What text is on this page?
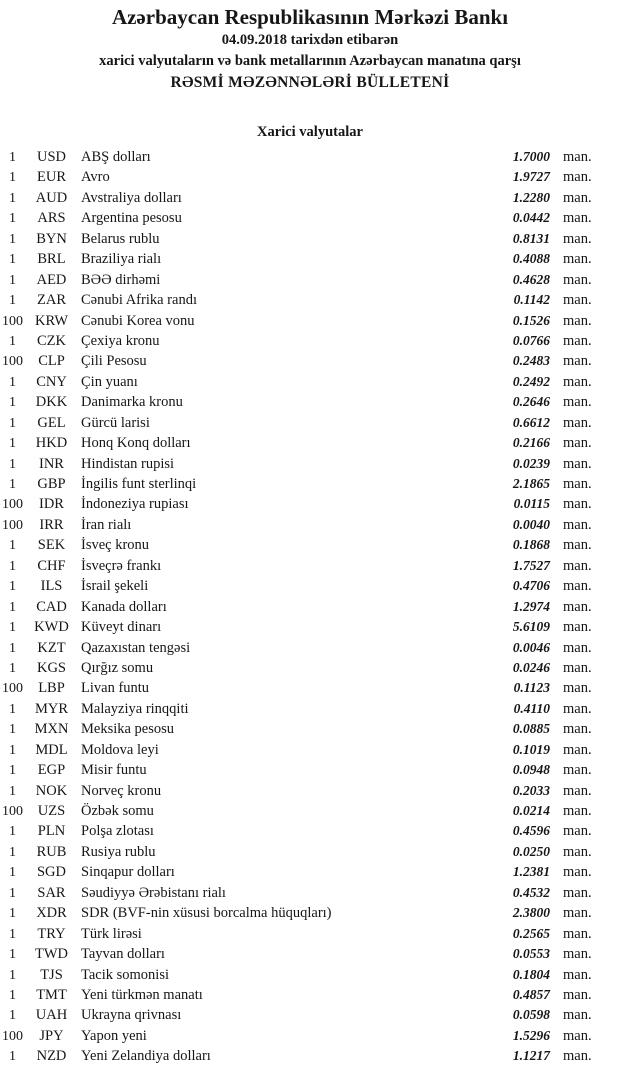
Azərbaycan Respublikasının Mərkəzi Bankı

04.09.2018 tarixdən etibarən

xarici valyutaların və bank metallarının Azərbaycan manatına qarşı

RƏSMİ MƏZƏNNƏLƏRİ BÜLLETENİ

Xarici valyutalar

1	USD	ABŞ dolları	1.7000 man.
1	EUR	Avro	1.9727 man.
1	AUD Avstraliya dolları	1.2280 man.
1	ARS	Argentina pesosu	0.0442 man.
1	BYN Belarus rublu	0.8131 man.
1	BRL	Braziliya rialı	0.4088 man.
1	AED	BƏƏ dirhəmi	0.4628 man.
1	ZAR	Cənubi Afrika randı	0.1142 man.
100 KRW Cənubi Korea vonu	0.1526 man.
1	CZK	Çexiya kronu	0.0766 man.
100	CLP	Çili Pesosu	0.2483 man.
1	CNY Çin yuanı	0.2492 man.
1	DKK Danimarka kronu	0.2646 man.
1	GEL	Gürcü larisi	0.6612 man.
1	HKD Honq Konq dolları	0.2166 man.
1	INR	Hindistan rupisi	0.0239 man.
1	GBP	İngilis funt sterlinqi	2.1865 man.
100	IDR	İndoneziya rupiası	0.0115 man.
100	IRR	İran rialı	0.0040 man.
1	SEK	İsveç kronu	0.1868 man.
1	CHF	İsveçrə frankı	1.7527 man.
1	ILS	İsrail şekeli	0.4706 man.
1	CAD Kanada dolları	1.2974 man.
1	KWD Küveyt dinarı	5.6109 man.
1	KZT	Qazaxıstan tengəsi	0.0046 man.
1	KGS	Qırğız somu	0.0246 man.
100	LBP	Livan funtu	0.1123 man.
1	MYR Malayziya rinqqiti	0.4110 man.
1	MXN Meksika pesosu	0.0885 man.
1	MDL Moldova leyi	0.1019 man.
1	EGP	Misir funtu	0.0948 man.
1	NOK Norveç kronu	0.2033 man.
100	UZS	Özbək somu	0.0214 man.
1	PLN	Polşa zlotası	0.4596 man.
1	RUB	Rusiya rublu	0.0250 man.
1	SGD	Sinqapur dolları	1.2381 man.
1	SAR	Səudiyyə Ərəbistanı rialı	0.4532 man.
1	XDR SDR (BVF-nin xüsusi borcalma hüquqları)	2.3800 man.
1	TRY	Türk lirəsi	0.2565 man.
1	TWD Tayvan dolları	0.0553 man.
1	TJS	Tacik somonisi	0.1804 man.
1	TMT Yeni türkmən manatı	0.4857 man.
1	UAH Ukrayna qrivnası	0.0598 man.
100	JPY	Yapon yeni	1.5296 man.
1	NZD	Yeni Zelandiya dolları	1.1217 man.
